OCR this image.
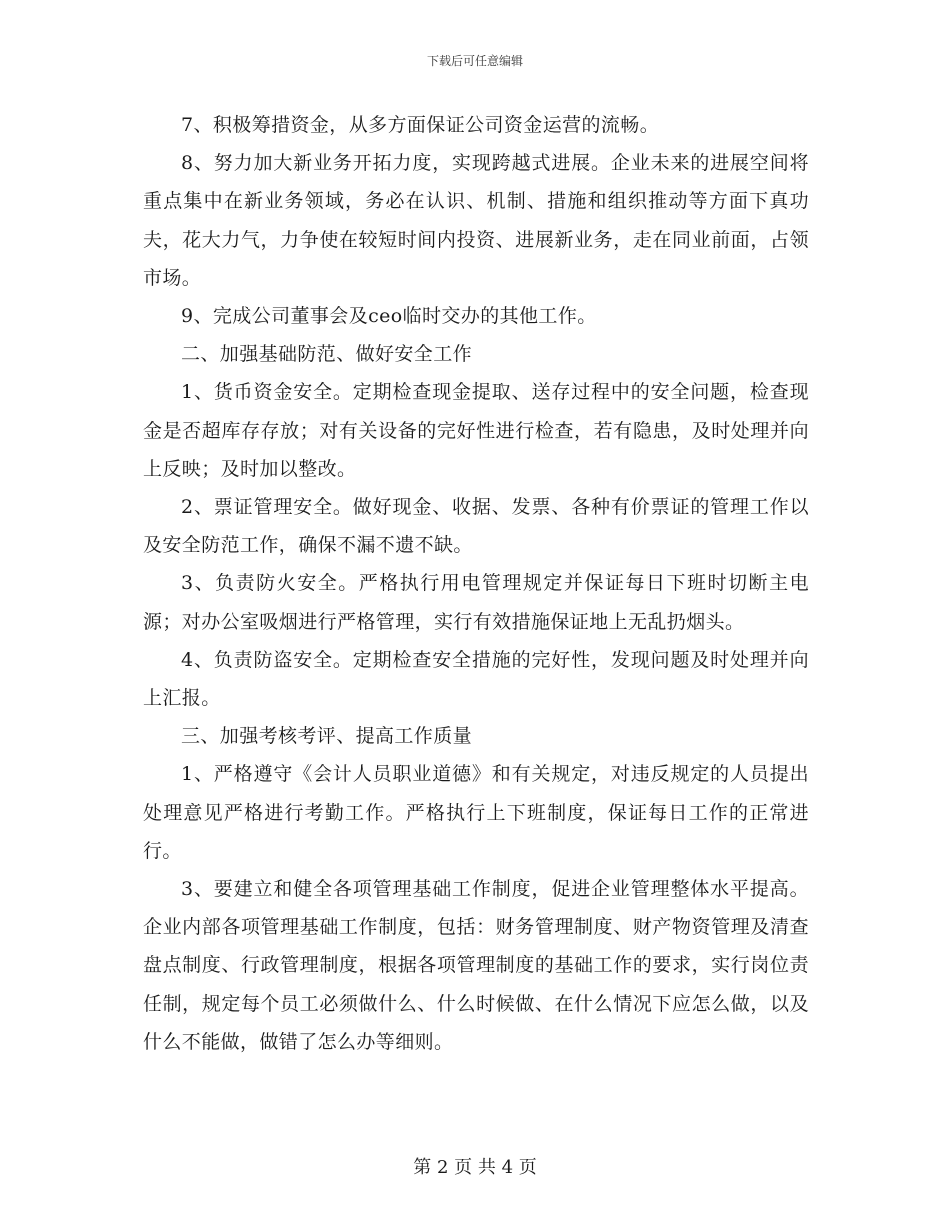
下载后可任意编辑

7、积极筹措资金，从多方面保证公司资金运营的流畅。

8、努力加大新业务开拓力度，实现跨越式进展。企业未来的进展空间将重点集中在新业务领域，务必在认识、机制、措施和组织推动等方面下真功夫，花大力气，力争使在较短时间内投资、进展新业务，走在同业前面，占领市场。

9、完成公司董事会及ceo临时交办的其他工作。

二、加强基础防范、做好安全工作

1、货币资金安全。定期检查现金提取、送存过程中的安全问题，检查现金是否超库存存放；对有关设备的完好性进行检查，若有隐患，及时处理并向上反映；及时加以整改。

2、票证管理安全。做好现金、收据、发票、各种有价票证的管理工作以及安全防范工作，确保不漏不遗不缺。

3、负责防火安全。严格执行用电管理规定并保证每日下班时切断主电源；对办公室吸烟进行严格管理，实行有效措施保证地上无乱扔烟头。

4、负责防盗安全。定期检查安全措施的完好性，发现问题及时处理并向上汇报。

三、加强考核考评、提高工作质量

1、严格遵守《会计人员职业道德》和有关规定，对违反规定的人员提出处理意见严格进行考勤工作。严格执行上下班制度，保证每日工作的正常进行。

3、要建立和健全各项管理基础工作制度，促进企业管理整体水平提高。企业内部各项管理基础工作制度，包括：财务管理制度、财产物资管理及清查盘点制度、行政管理制度，根据各项管理制度的基础工作的要求，实行岗位责任制，规定每个员工必须做什么、什么时候做、在什么情况下应怎么做，以及什么不能做，做错了怎么办等细则。

第 2 页 共 4 页
